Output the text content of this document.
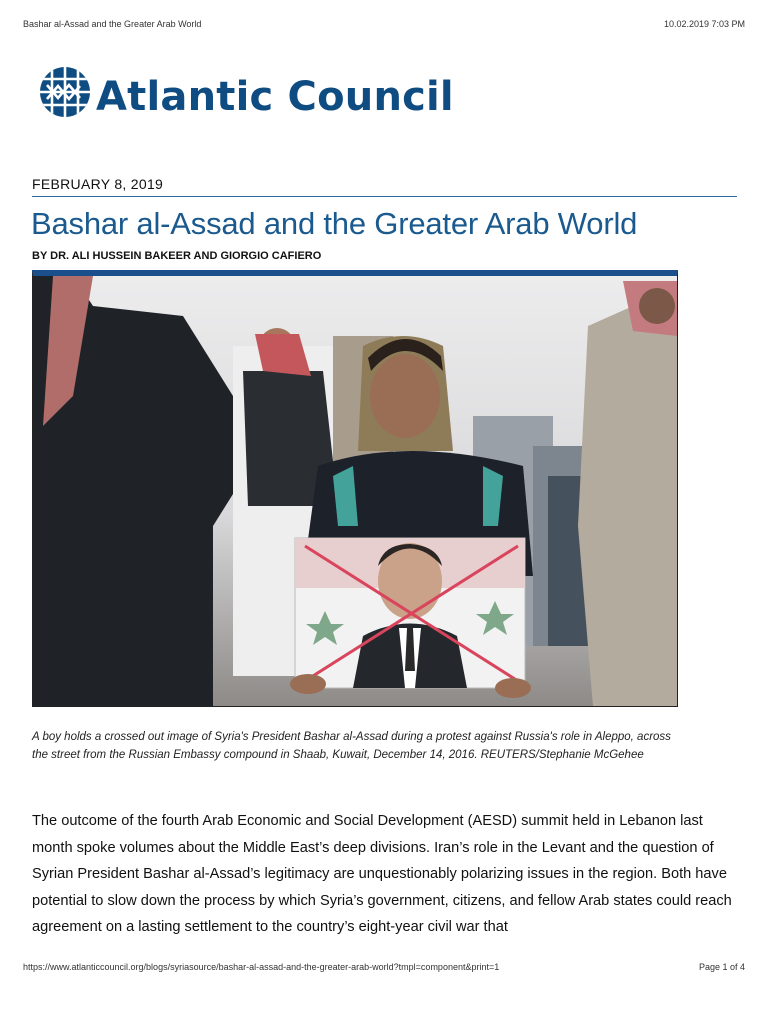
Bashar al-Assad and the Greater Arab World	10.02.2019 7:03 PM
Atlantic Council
FEBRUARY 8, 2019
Bashar al-Assad and the Greater Arab World
BY DR. ALI HUSSEIN BAKEER AND GIORGIO CAFIERO
A boy holds a crossed out image of Syria's President Bashar al-Assad during a protest against Russia's role in Aleppo, across the street from the Russian Embassy compound in Shaab, Kuwait, December 14, 2016. REUTERS/Stephanie McGehee
The outcome of the fourth Arab Economic and Social Development (AESD) summit held in Lebanon last month spoke volumes about the Middle East’s deep divisions. Iran’s role in the Levant and the question of Syrian President Bashar al-Assad’s legitimacy are unquestionably polarizing issues in the region. Both have potential to slow down the process by which Syria’s government, citizens, and fellow Arab states could reach agreement on a lasting settlement to the country’s eight-year civil war that
https://www.atlanticcouncil.org/blogs/syriasource/bashar-al-assad-and-the-greater-arab-world?tmpl=component&print=1	Page 1 of 4
